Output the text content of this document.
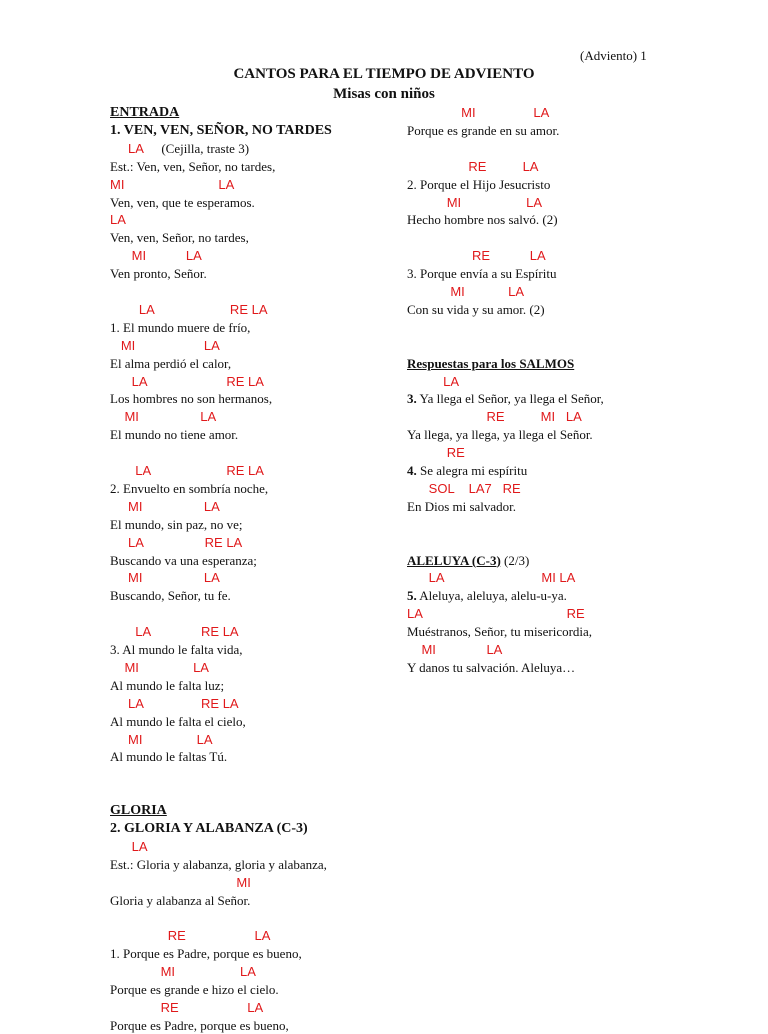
(Adviento) 1
CANTOS PARA EL TIEMPO DE ADVIENTO
Misas con niños
ENTRADA
1. VEN, VEN, SEÑOR, NO TARDES
LA     (Cejilla, traste 3)
Est.: Ven, ven, Señor, no tardes,
MI                          LA
Ven, ven, que te esperamos.
LA
Ven, ven, Señor, no tardes,
MI           LA
Ven pronto, Señor.
LA                     RE LA
1. El mundo muere de frío,
MI                   LA
El alma perdió el calor,
LA                      RE LA
Los hombres no son hermanos,
MI                 LA
El mundo no tiene amor.
LA                     RE LA
2. Envuelto en sombría noche,
MI                 LA
El mundo, sin paz, no ve;
LA                 RE LA
Buscando va una esperanza;
MI                 LA
Buscando, Señor, tu fe.
LA              RE LA
3. Al mundo le falta vida,
MI               LA
Al mundo le falta luz;
LA                RE LA
Al mundo le falta el cielo,
MI               LA
Al mundo le faltas Tú.
GLORIA
2. GLORIA Y ALABANZA (C-3)
LA
Est.: Gloria y alabanza, gloria y alabanza,
MI
Gloria y alabanza al Señor.
RE                   LA
1. Porque es Padre, porque es bueno,
MI                  LA
Porque es grande e hizo el cielo.
RE                   LA
Porque es Padre, porque es bueno,
MI                LA
Porque es grande en su amor.
RE          LA
2. Porque el Hijo Jesucristo
MI                  LA
Hecho hombre nos salvó. (2)
RE           LA
3. Porque envía a su Espíritu
MI            LA
Con su vida y su amor. (2)
Respuestas para los SALMOS
LA
3. Ya llega el Señor, ya llega el Señor,
RE          MI   LA
Ya llega, ya llega, ya llega el Señor.
RE
4. Se alegra mi espíritu
SOL    LA7   RE
En Dios mi salvador.
ALELUYA (C-3) (2/3)
LA                           MI LA
5. Aleluya, aleluya, alelu-u-ya.
LA                                        RE
Muéstranos, Señor, tu misericordia,
MI              LA
Y danos tu salvación. Aleluya…
